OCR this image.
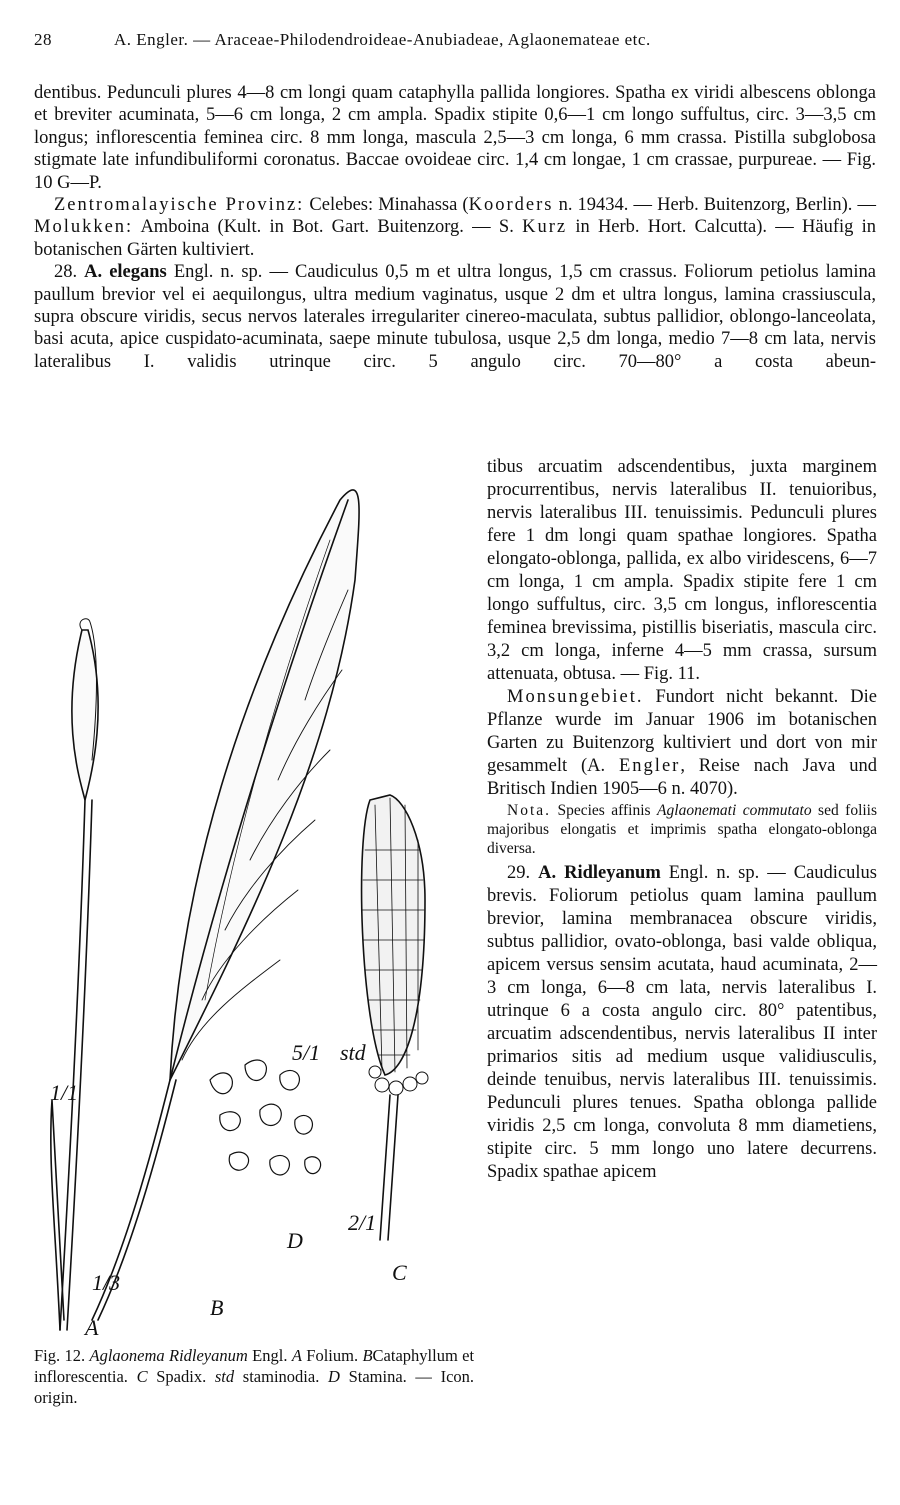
28	A. Engler. — Araceae-Philodendroideae-Anubiadeae, Aglaonemateae etc.

dentibus. Pedunculi plures 4—8 cm longi quam cataphylla pallida longiores. Spatha ex viridi albescens oblonga et breviter acuminata, 5—6 cm longa, 2 cm ampla. Spadix stipite 0,6—1 cm longo suffultus, circ. 3—3,5 cm longus; inflorescentia feminea circ. 8 mm longa, mascula 2,5—3 cm longa, 6 mm crassa. Pistilla subglobosa stigmate late infundibuliformi coronatus. Baccae ovoideae circ. 1,4 cm longae, 1 cm crassae, purpureae. — Fig. 10 G—P.

Zentromalayische Provinz: Celebes: Minahassa (Koorders n. 19434. — Herb. Buitenzorg, Berlin). — Molukken: Amboina (Kult. in Bot. Gart. Buitenzorg. — S. Kurz in Herb. Hort. Calcutta). — Häufig in botanischen Gärten kultiviert.

28. A. elegans Engl. n. sp. — Caudiculus 0,5 m et ultra longus, 1,5 cm crassus. Foliorum petiolus lamina paullum brevior vel ei aequilongus, ultra medium vaginatus, usque 2 dm et ultra longus, lamina crassiuscula, supra obscure viridis, secus nervos laterales irregulariter cinereo-maculata, subtus pallidior, oblongo-lanceolata, basi acuta, apice cuspidato-acuminata, saepe minute tubulosa, usque 2,5 dm longa, medio 7—8 cm lata, nervis lateralibus I. validis utrinque circ. 5 angulo circ. 70—80° a costa abeun-

tibus arcuatim adscendentibus, juxta marginem procurrentibus, nervis lateralibus II. tenuioribus, nervis lateralibus III. tenuissimis. Pedunculi plures fere 1 dm longi quam spathae longiores. Spatha elongato-oblonga, pallida, ex albo viridescens, 6—7 cm longa, 1 cm ampla. Spadix stipite fere 1 cm longo suffultus, circ. 3,5 cm longus, inflorescentia feminea brevissima, pistillis biseriatis, mascula circ. 3,2 cm longa, inferne 4—5 mm crassa, sursum attenuata, obtusa. — Fig. 11.

Monsungebiet. Fundort nicht bekannt. Die Pflanze wurde im Januar 1906 im botanischen Garten zu Buitenzorg kultiviert und dort von mir gesammelt (A. Engler, Reise nach Java und Britisch Indien 1905—6 n. 4070).

Nota. Species affinis Aglaonemati commutato sed foliis majoribus elongatis et imprimis spatha elongato-oblonga diversa.

29. A. Ridleyanum Engl. n. sp. — Caudiculus brevis. Foliorum petiolus quam lamina paullum brevior, lamina membranacea obscure viridis, subtus pallidior, ovato-oblonga, basi valde obliqua, apicem versus sensim acutata, haud acuminata, 2—3 cm longa, 6—8 cm lata, nervis lateralibus I. utrinque 6 a costa angulo circ. 80° patentibus, arcuatim adscendentibus, nervis lateralibus II inter primarios sitis ad medium usque validiusculis, deinde tenuibus, nervis lateralibus III. tenuissimis. Pedunculi plures tenues. Spatha oblonga pallide viridis 2,5 cm longa, convoluta 8 mm diametiens, stipite circ. 5 mm longo uno latere decurrens. Spadix spathae apicem

1/1
1/3
2/1
5/1 std
A
B
C
D
Fig. 12. Aglaonema Ridleyanum Engl. A Folium. BCataphyllum et inflorescentia. C Spadix. std staminodia. D Stamina. — Icon. origin.
